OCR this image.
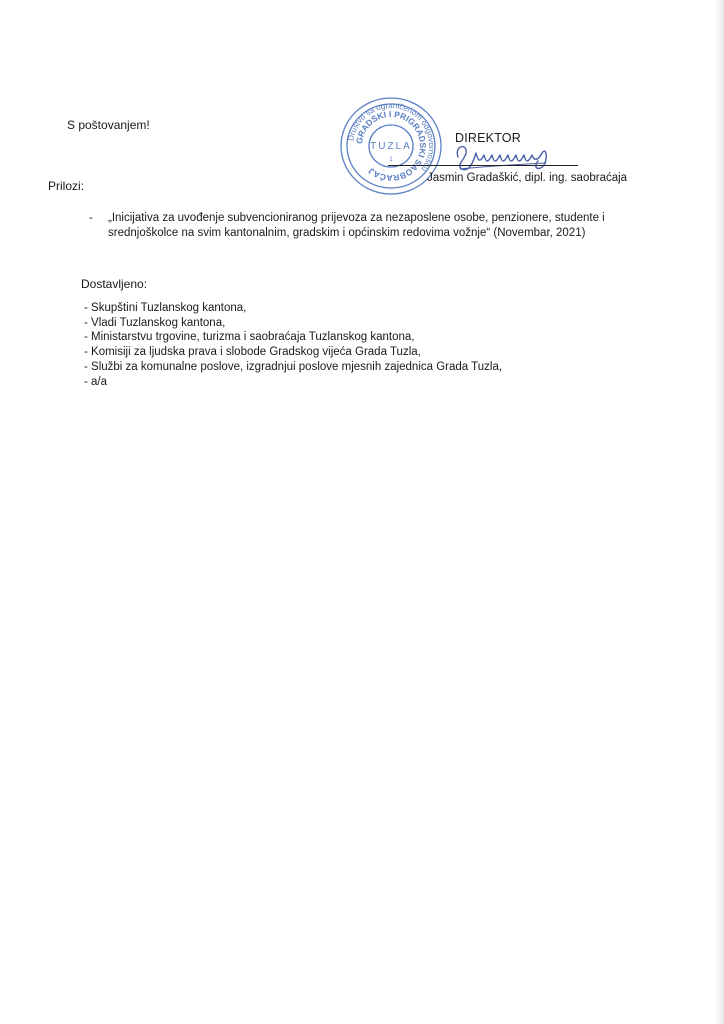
S poštovanjem!
Društvo sa ograničenom odgovornošću
GRADSKI I PRIGRADSKI SAOBRAĆAJ
TUZLA
1
DIREKTOR
Jasmin Gradaškić, dipl. ing. saobraćaja
Prilozi:
- „Inicijativa za uvođenje subvencioniranog prijevoza za nezaposlene osobe, penzionere, studente i
srednjoškolce na svim kantonalnim, gradskim i općinskim redovima vožnje“ (Novembar, 2021)
Dostavljeno:
- Skupštini Tuzlanskog kantona,
- Vladi Tuzlanskog kantona,
- Ministarstvu trgovine, turizma i saobraćaja Tuzlanskog kantona,
- Komisiji za ljudska prava i slobode Gradskog vijeća Grada Tuzla,
- Službi za komunalne poslove, izgradnjui poslove mjesnih zajednica Grada Tuzla,
- a/a
